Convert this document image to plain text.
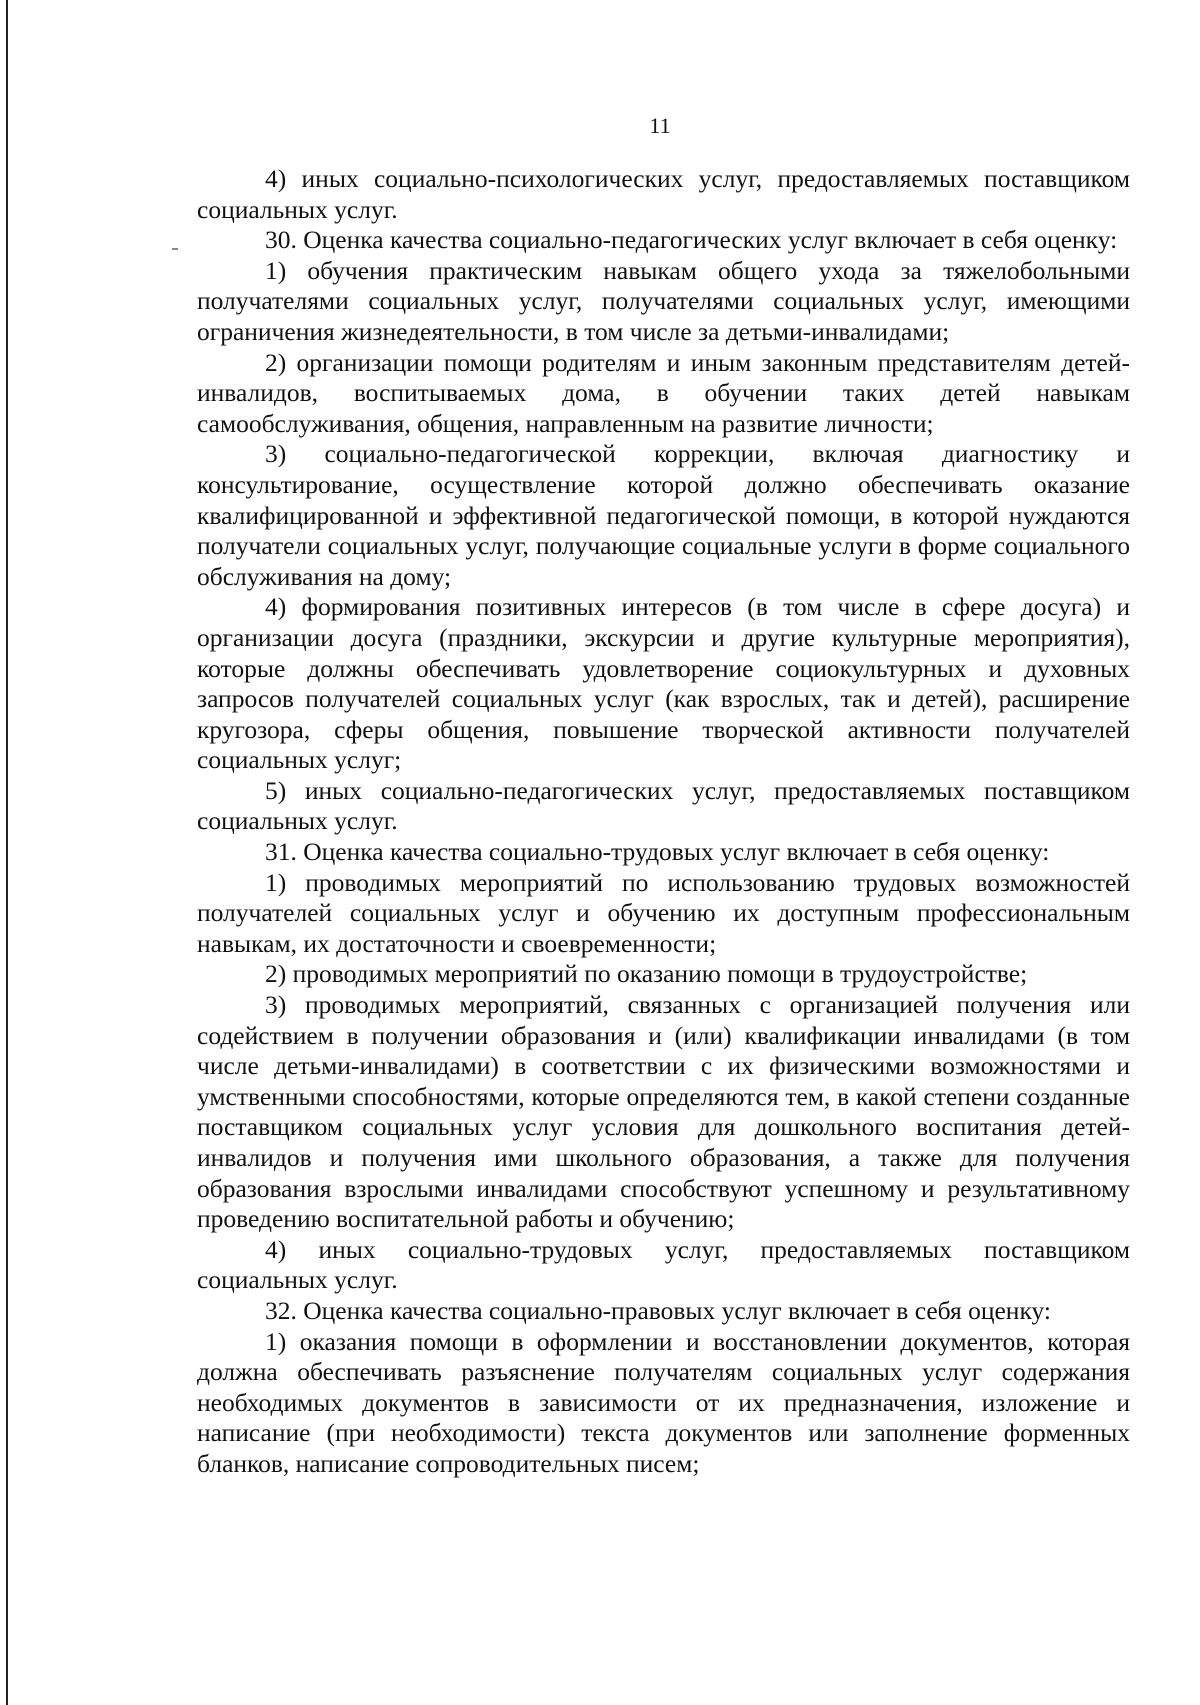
11

4) иных социально-психологических услуг, предоставляемых поставщиком социальных услуг.

30. Оценка качества социально-педагогических услуг включает в себя оценку:

1) обучения практическим навыкам общего ухода за тяжелобольными получателями социальных услуг, получателями социальных услуг, имеющими ограничения жизнедеятельности, в том числе за детьми-инвалидами;

2) организации помощи родителям и иным законным представителям детей-инвалидов, воспитываемых дома, в обучении таких детей навыкам самообслуживания, общения, направленным на развитие личности;

3) социально-педагогической коррекции, включая диагностику и консультирование, осуществление которой должно обеспечивать оказание квалифицированной и эффективной педагогической помощи, в которой нуждаются получатели социальных услуг, получающие социальные услуги в форме социального обслуживания на дому;

4) формирования позитивных интересов (в том числе в сфере досуга) и организации досуга (праздники, экскурсии и другие культурные мероприятия), которые должны обеспечивать удовлетворение социокультурных и духовных запросов получателей социальных услуг (как взрослых, так и детей), расширение кругозора, сферы общения, повышение творческой активности получателей социальных услуг;

5) иных социально-педагогических услуг, предоставляемых поставщиком социальных услуг.

31. Оценка качества социально-трудовых услуг включает в себя оценку:

1) проводимых мероприятий по использованию трудовых возможностей получателей социальных услуг и обучению их доступным профессиональным навыкам, их достаточности и своевременности;

2) проводимых мероприятий по оказанию помощи в трудоустройстве;

3) проводимых мероприятий, связанных с организацией получения или содействием в получении образования и (или) квалификации инвалидами (в том числе детьми-инвалидами) в соответствии с их физическими возможностями и умственными способностями, которые определяются тем, в какой степени созданные поставщиком социальных услуг условия для дошкольного воспитания детей-инвалидов и получения ими школьного образования, а также для получения образования взрослыми инвалидами способствуют успешному и результативному проведению воспитательной работы и обучению;

4) иных социально-трудовых услуг, предоставляемых поставщиком социальных услуг.

32. Оценка качества социально-правовых услуг включает в себя оценку:

1) оказания помощи в оформлении и восстановлении документов, которая должна обеспечивать разъяснение получателям социальных услуг содержания необходимых документов в зависимости от их предназначения, изложение и написание (при необходимости) текста документов или заполнение форменных бланков, написание сопроводительных писем;
